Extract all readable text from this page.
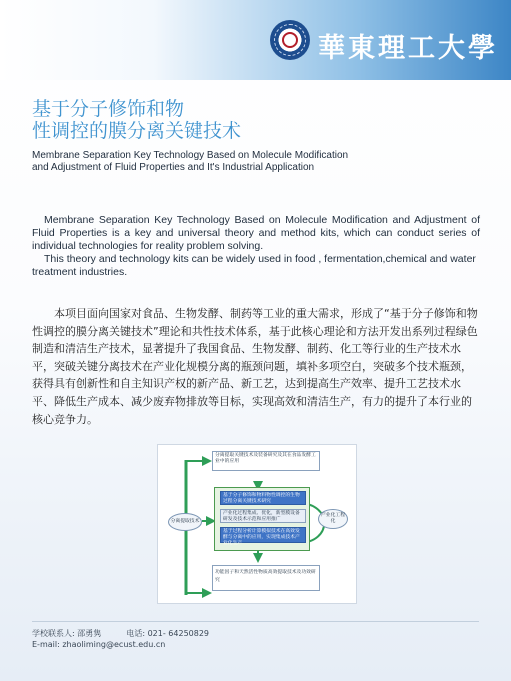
華東理工大學
基于分子修饰和物
性调控的膜分离关键技术
Membrane Separation Key Technology Based on Molecule Modification
and Adjustment of Fluid Properties and It's Industrial Application

Membrane Separation Key Technology Based on Molecule Modification and Adjustment of Fluid Properties is a key and universal theory and method kits, which can conduct series of individual technologies for reality problem solving.

This theory and technology kits can be widely used in food , fermentation,chemical and water treatment industries.

本项目面向国家对食品、生物发酵、制药等工业的重大需求，形成了“基于分子修饰和物性调控的膜分离关键技术”理论和共性技术体系，基于此核心理论和方法开发出系列过程绿色制造和清洁生产技术，显著提升了我国食品、生物发酵、制药、化工等行业的生产技术水平，突破关键分离技术在产业化规模分离的瓶颈问题，填补多项空白，突破多个技术瓶颈，获得具有创新性和自主知识产权的新产品、新工艺，达到提高生产效率、提升工艺技术水平、降低生产成本、减少废弃物排放等目标，实现高效和清洁生产，有力的提升了本行业的核心竞争力。

分离提取关键技术及装备研究及其在食品发酵工业中的应用
基于分子修饰和物料物性调控的生物过程分离关键技术研究
产业化过程集成、优化，新型膜设备研发及技术示范和应用推广
基于过程分析计算模拟技术在高效发酵与分离中的应用，实现集成技术产业化生产
分离提取技术
产业化工程化
功能因子和天然活性物质高效提取技术及功效研究
学校联系人: 邵勇隽	电话: 021- 64250829
E-mail: zhaoliming@ecust.edu.cn
